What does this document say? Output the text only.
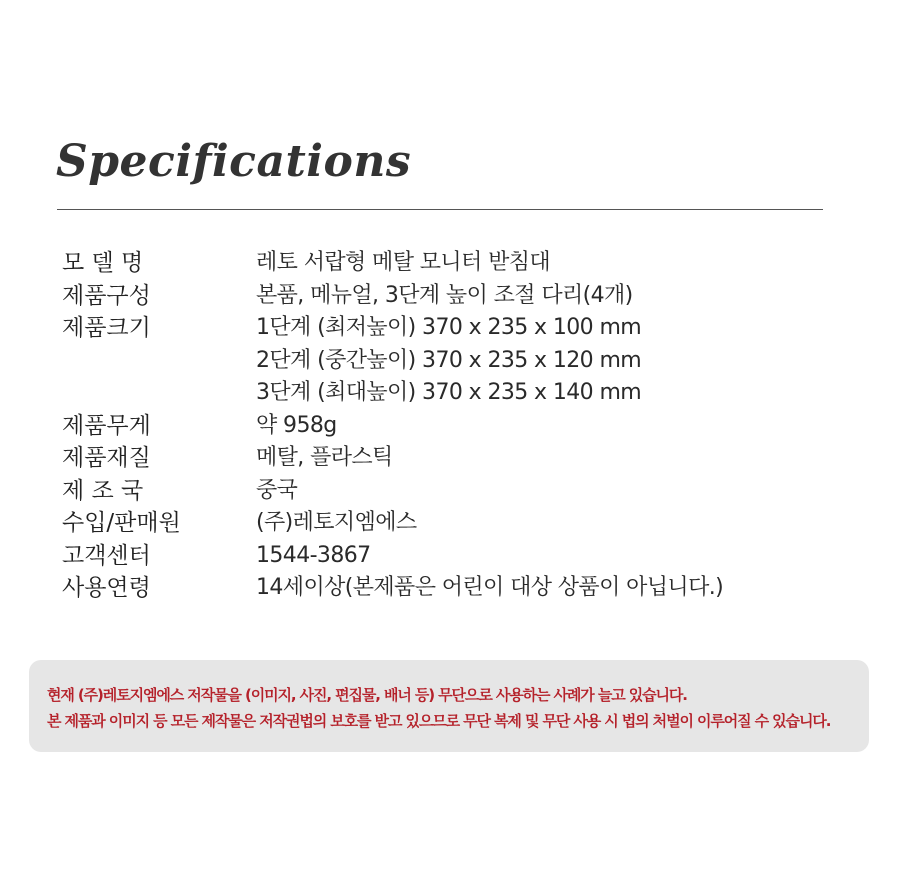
Specifications
모 델 명	레토 서랍형 메탈 모니터 받침대
제품구성	본품, 메뉴얼, 3단계 높이 조절 다리(4개)
제품크기	1단계 (최저높이) 370 x 235 x 100 mm
2단계 (중간높이) 370 x 235 x 120 mm
3단계 (최대높이) 370 x 235 x 140 mm
제품무게	약 958g
제품재질	메탈, 플라스틱
제 조 국	중국
수입/판매원	(주)레토지엠에스
고객센터	1544-3867
사용연령	14세이상(본제품은 어린이 대상 상품이 아닙니다.)
현재 (주)레토지엠에스 저작물을 (이미지, 사진, 편집물, 배너 등) 무단으로 사용하는 사례가 늘고 있습니다.
본 제품과 이미지 등 모든 제작물은 저작권법의 보호를 받고 있으므로 무단 복제 및 무단 사용 시 법의 처벌이 이루어질 수 있습니다.
